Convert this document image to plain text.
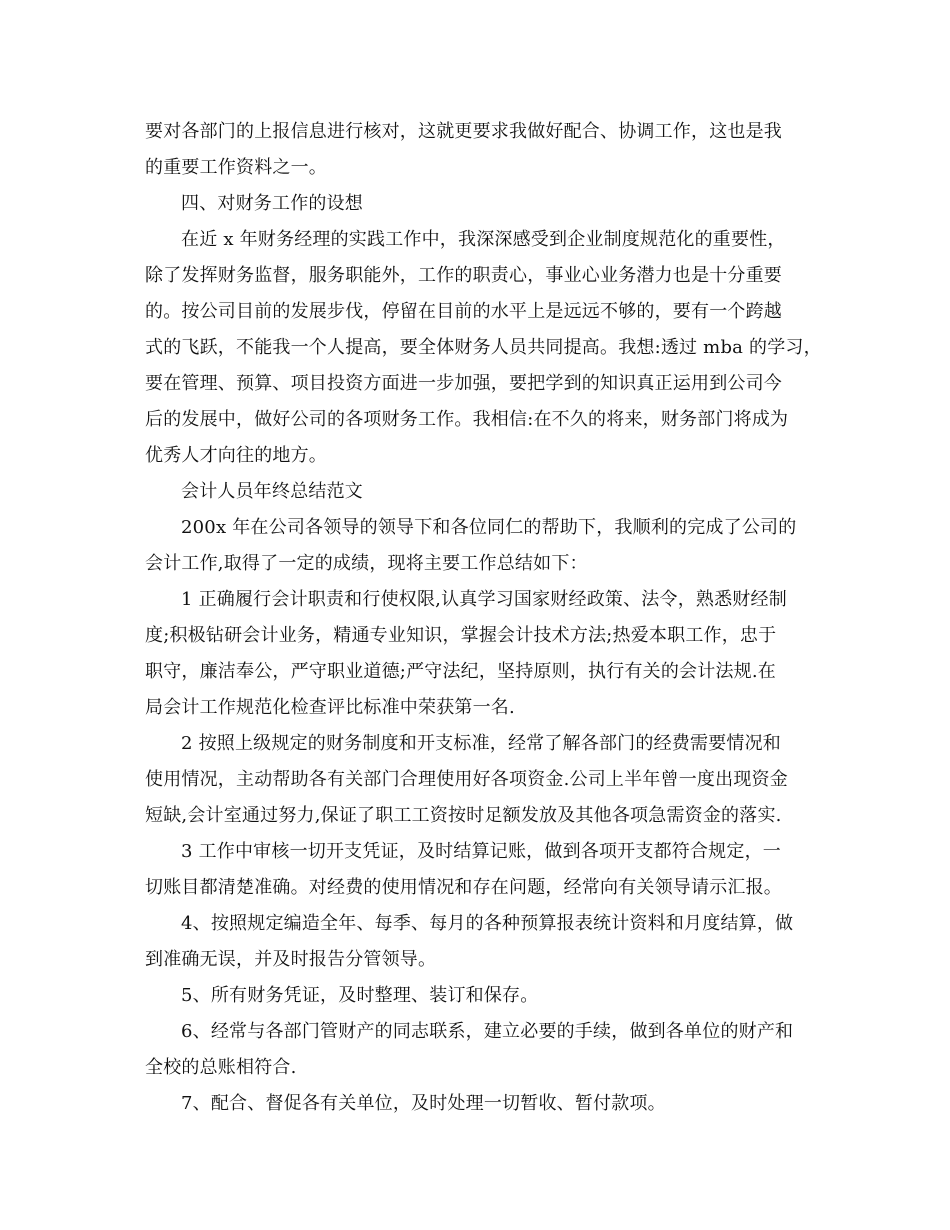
要对各部门的上报信息进行核对，这就更要求我做好配合、协调工作，这也是我
的重要工作资料之一。
四、对财务工作的设想
在近 x 年财务经理的实践工作中，我深深感受到企业制度规范化的重要性，
除了发挥财务监督，服务职能外，工作的职责心，事业心业务潜力也是十分重要
的。按公司目前的发展步伐，停留在目前的水平上是远远不够的，要有一个跨越
式的飞跃，不能我一个人提高，要全体财务人员共同提高。我想:透过 mba 的学习，
要在管理、预算、项目投资方面进一步加强，要把学到的知识真正运用到公司今
后的发展中，做好公司的各项财务工作。我相信:在不久的将来，财务部门将成为
优秀人才向往的地方。
会计人员年终总结范文
200x 年在公司各领导的领导下和各位同仁的帮助下，我顺利的完成了公司的
会计工作,取得了一定的成绩，现将主要工作总结如下：
1 正确履行会计职责和行使权限,认真学习国家财经政策、法令，熟悉财经制
度;积极钻研会计业务，精通专业知识，掌握会计技术方法;热爱本职工作，忠于
职守，廉洁奉公，严守职业道德;严守法纪，坚持原则，执行有关的会计法规.在
局会计工作规范化检查评比标准中荣获第一名.
2 按照上级规定的财务制度和开支标准，经常了解各部门的经费需要情况和
使用情况，主动帮助各有关部门合理使用好各项资金.公司上半年曾一度出现资金
短缺,会计室通过努力,保证了职工工资按时足额发放及其他各项急需资金的落实.
3 工作中审核一切开支凭证，及时结算记账，做到各项开支都符合规定，一
切账目都清楚准确。对经费的使用情况和存在问题，经常向有关领导请示汇报。
4、按照规定编造全年、每季、每月的各种预算报表统计资料和月度结算，做
到准确无误，并及时报告分管领导。
5、所有财务凭证，及时整理、装订和保存。
6、经常与各部门管财产的同志联系，建立必要的手续，做到各单位的财产和
全校的总账相符合.
7、配合、督促各有关单位，及时处理一切暂收、暂付款项。
